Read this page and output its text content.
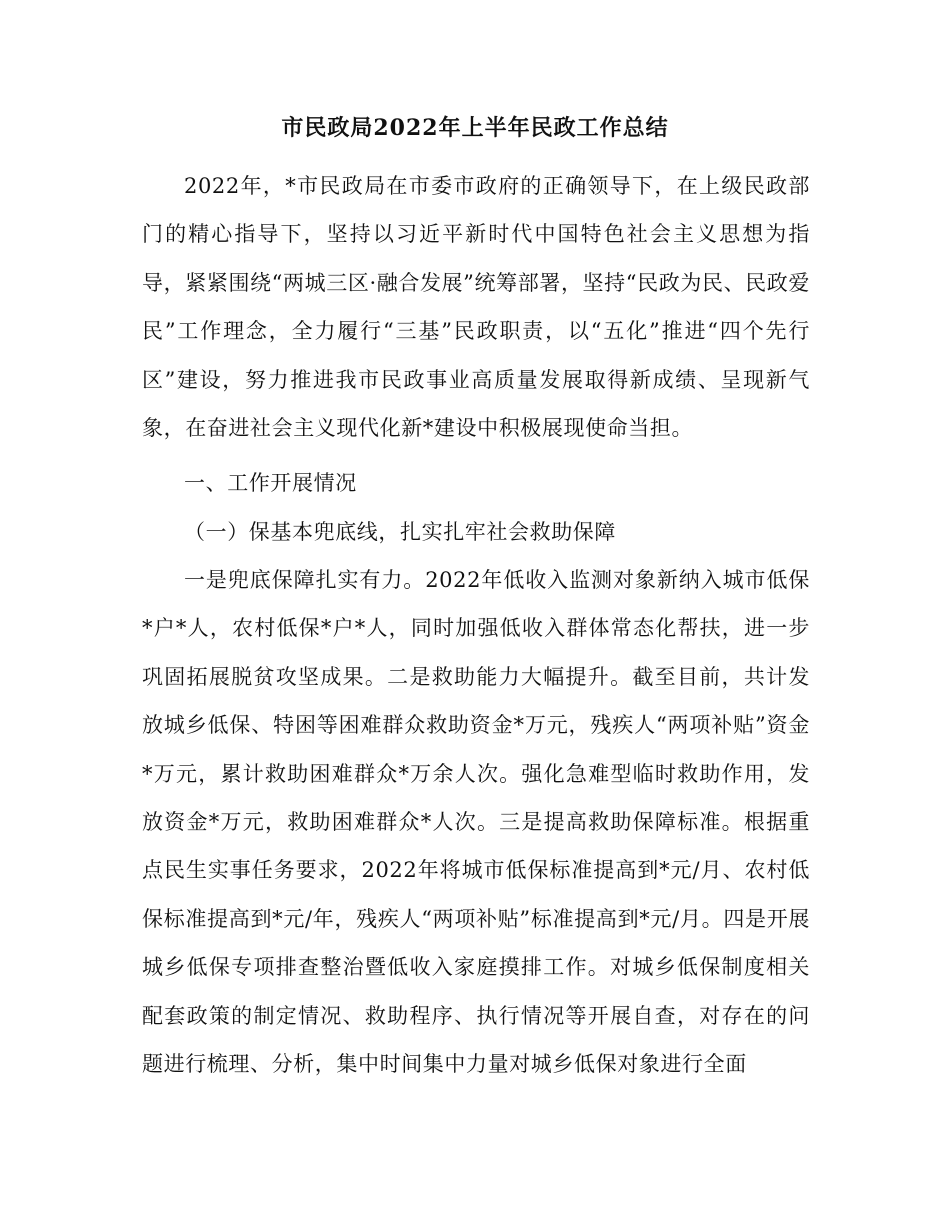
市民政局2022年上半年民政工作总结

2022年，*市民政局在市委市政府的正确领导下，在上级民政部门的精心指导下，坚持以习近平新时代中国特色社会主义思想为指导，紧紧围绕“两城三区·融合发展”统筹部署，坚持“民政为民、民政爱民”工作理念，全力履行“三基”民政职责，以“五化”推进“四个先行区”建设，努力推进我市民政事业高质量发展取得新成绩、呈现新气象，在奋进社会主义现代化新*建设中积极展现使命当担。

一、工作开展情况

（一）保基本兜底线，扎实扎牢社会救助保障

一是兜底保障扎实有力。2022年低收入监测对象新纳入城市低保*户*人，农村低保*户*人，同时加强低收入群体常态化帮扶，进一步巩固拓展脱贫攻坚成果。二是救助能力大幅提升。截至目前，共计发放城乡低保、特困等困难群众救助资金*万元，残疾人“两项补贴”资金*万元，累计救助困难群众*万余人次。强化急难型临时救助作用，发放资金*万元，救助困难群众*人次。三是提高救助保障标准。根据重点民生实事任务要求，2022年将城市低保标准提高到*元/月、农村低保标准提高到*元/年，残疾人“两项补贴”标准提高到*元/月。四是开展城乡低保专项排查整治暨低收入家庭摸排工作。对城乡低保制度相关配套政策的制定情况、救助程序、执行情况等开展自查，对存在的问题进行梳理、分析，集中时间集中力量对城乡低保对象进行全面
